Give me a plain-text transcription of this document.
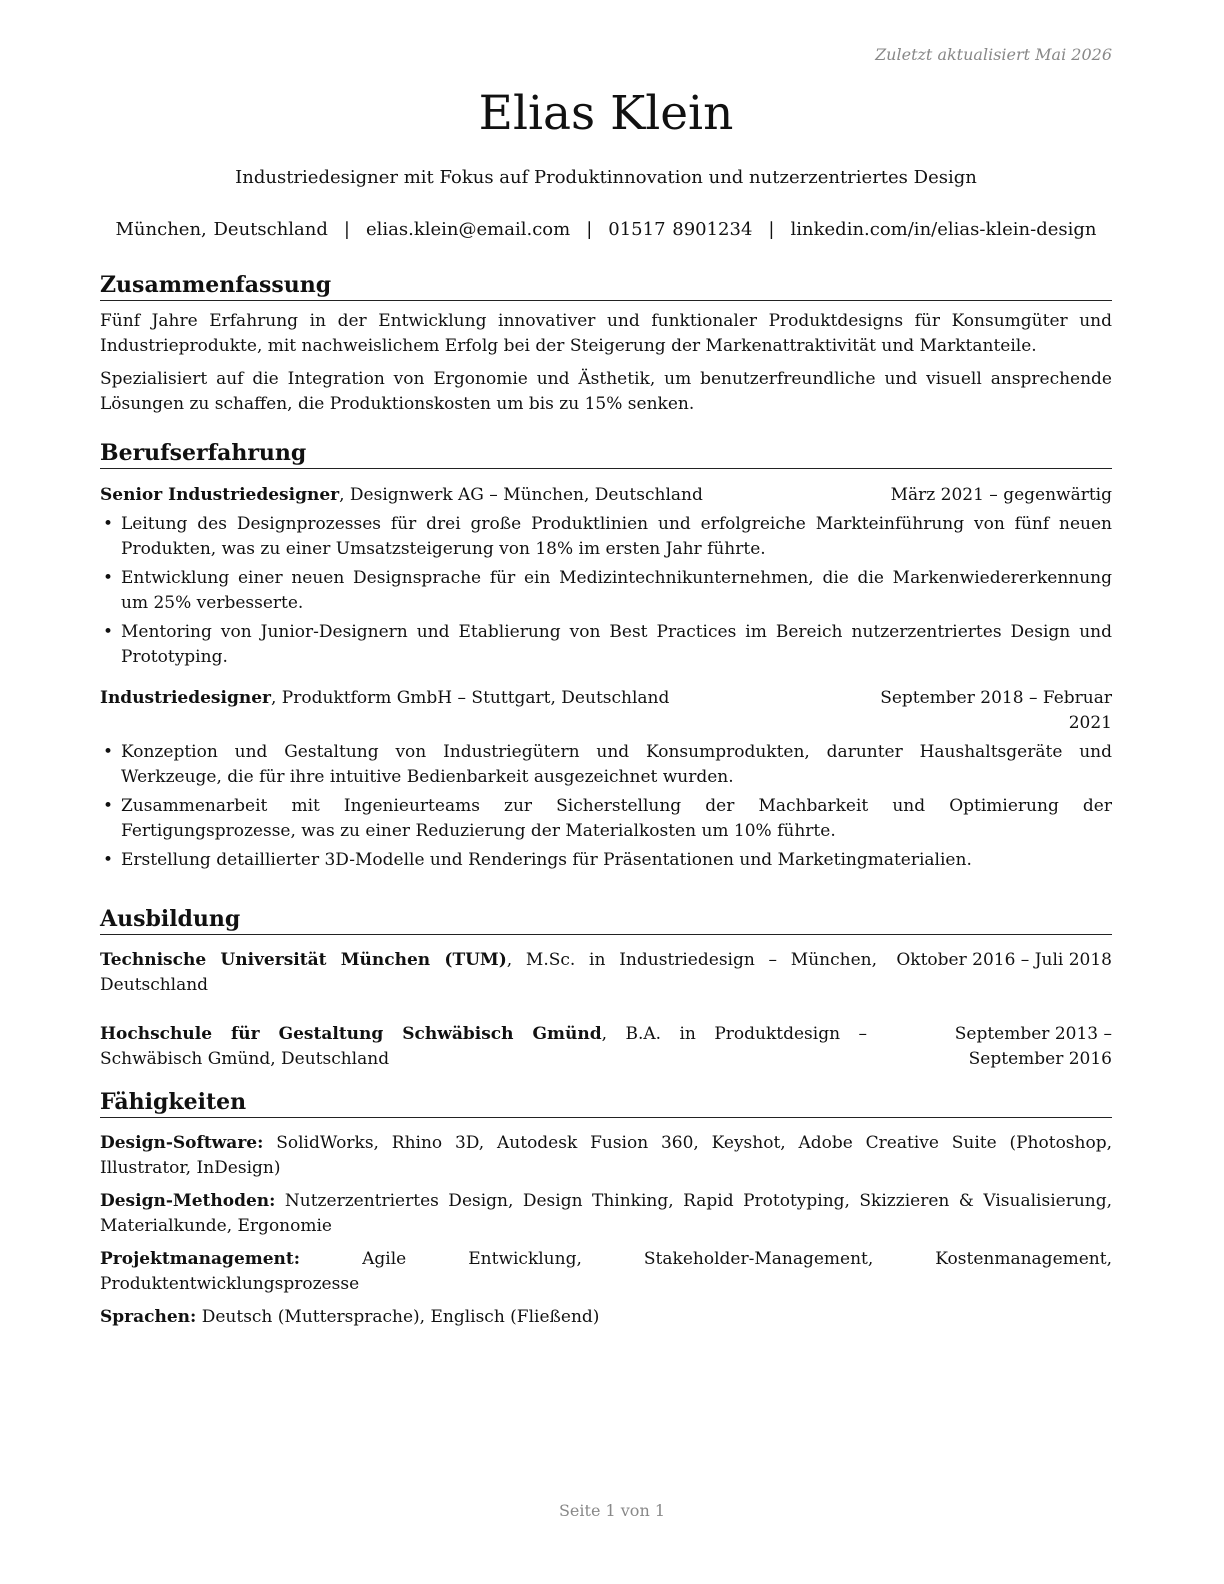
Zuletzt aktualisiert Mai 2026
Elias Klein
Industriedesigner mit Fokus auf Produktinnovation und nutzerzentriertes Design
München, Deutschland | elias.klein@email.com | 01517 8901234 | linkedin.com/in/elias-klein-design
Zusammenfassung

Fünf Jahre Erfahrung in der Entwicklung innovativer und funktionaler Produktdesigns für Konsumgüter und Industrieprodukte, mit nachweislichem Erfolg bei der Steigerung der Markenattraktivität und Marktanteile.

Spezialisiert auf die Integration von Ergonomie und Ästhetik, um benutzerfreundliche und visuell ansprechende Lösungen zu schaffen, die Produktionskosten um bis zu 15% senken.

Berufserfahrung
Senior Industriedesigner, Designwerk AG – München, Deutschland	März 2021 – gegenwärtig
• Leitung des Designprozesses für drei große Produktlinien und erfolgreiche Markteinführung von fünf neuen Produkten, was zu einer Umsatzsteigerung von 18% im ersten Jahr führte.
• Entwicklung einer neuen Designsprache für ein Medizintechnikunternehmen, die die Markenwiedererkennung um 25% verbesserte.
• Mentoring von Junior-Designern und Etablierung von Best Practices im Bereich nutzerzentriertes Design und Prototyping.
Industriedesigner, Produktform GmbH – Stuttgart, Deutschland	September 2018 – Februar 2021
• Konzeption und Gestaltung von Industriegütern und Konsumprodukten, darunter Haushaltsgeräte und Werkzeuge, die für ihre intuitive Bedienbarkeit ausgezeichnet wurden.
• Zusammenarbeit mit Ingenieurteams zur Sicherstellung der Machbarkeit und Optimierung der Fertigungsprozesse, was zu einer Reduzierung der Materialkosten um 10% führte.
• Erstellung detaillierter 3D-Modelle und Renderings für Präsentationen und Marketingmaterialien.
Ausbildung
Technische Universität München (TUM), M.Sc. in Industriedesign – München, Deutschland
Oktober 2016 – Juli 2018
Hochschule für Gestaltung Schwäbisch Gmünd, B.A. in Produktdesign – Schwäbisch Gmünd, Deutschland
September 2013 – September 2016
Fähigkeiten
Design-Software: SolidWorks, Rhino 3D, Autodesk Fusion 360, Keyshot, Adobe Creative Suite (Photoshop, Illustrator, InDesign)
Design-Methoden: Nutzerzentriertes Design, Design Thinking, Rapid Prototyping, Skizzieren & Visualisierung, Materialkunde, Ergonomie
Projektmanagement:	Agile Entwicklung, Stakeholder-Management, Kostenmanagement, Produktentwicklungsprozesse
Sprachen: Deutsch (Muttersprache), Englisch (Fließend)
Seite 1 von 1
